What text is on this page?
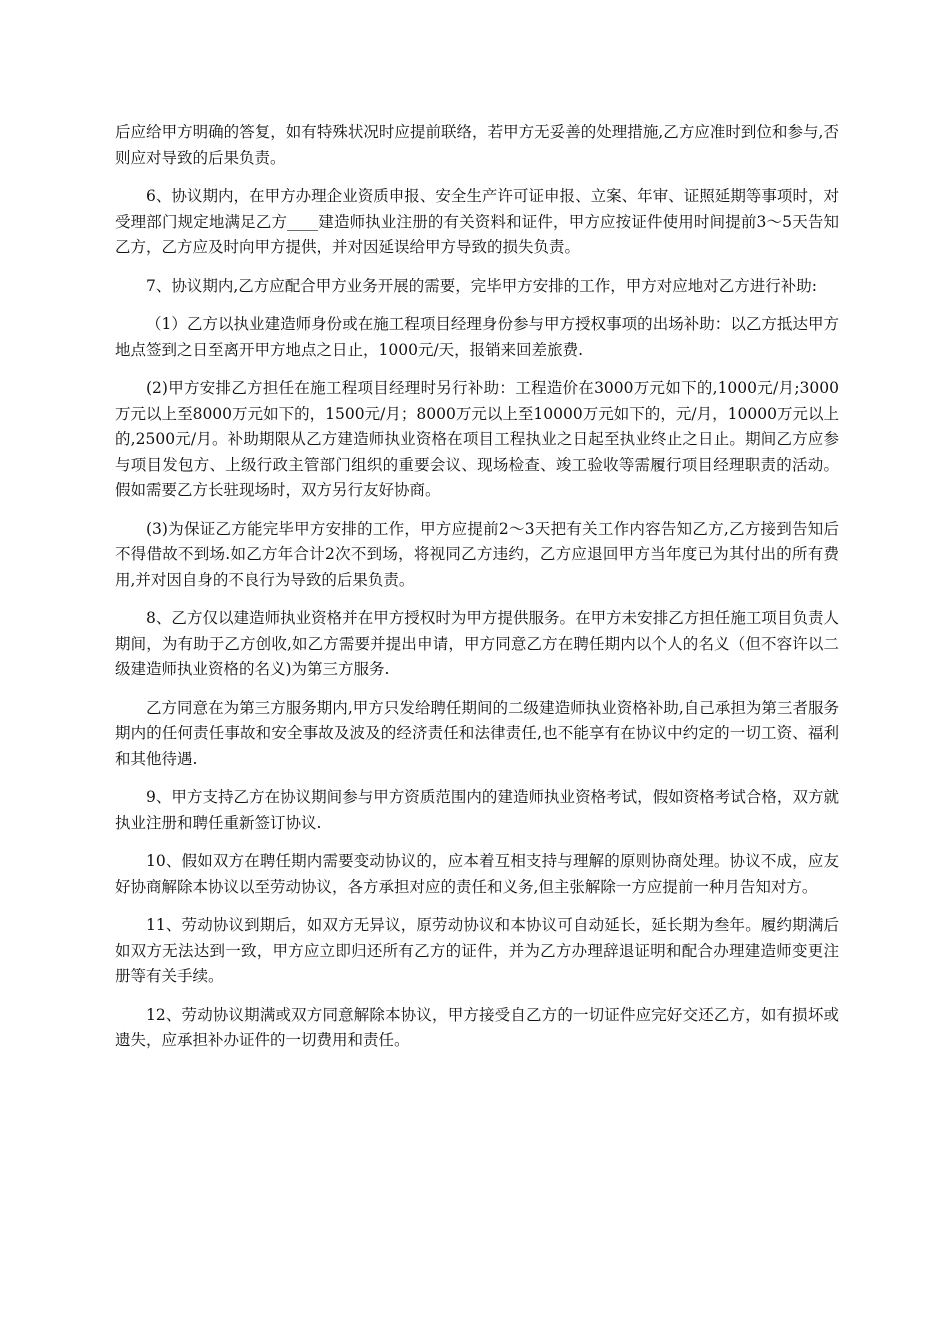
后应给甲方明确的答复，如有特殊状况时应提前联络，若甲方无妥善的处理措施,乙方应准时到位和参与,否则应对导致的后果负责。

6、协议期内，在甲方办理企业资质申报、安全生产许可证申报、立案、年审、证照延期等事项时，对受理部门规定地满足乙方____建造师执业注册的有关资料和证件，甲方应按证件使用时间提前3～5天告知乙方，乙方应及时向甲方提供，并对因延误给甲方导致的损失负责。

7、协议期内,乙方应配合甲方业务开展的需要，完毕甲方安排的工作，甲方对应地对乙方进行补助:

（1）乙方以执业建造师身份或在施工程项目经理身份参与甲方授权事项的出场补助：以乙方抵达甲方地点签到之日至离开甲方地点之日止，1000元/天，报销来回差旅费.

(2)甲方安排乙方担任在施工程项目经理时另行补助：工程造价在3000万元如下的,1000元/月;3000万元以上至8000万元如下的，1500元/月；8000万元以上至10000万元如下的，元/月，10000万元以上的,2500元/月。补助期限从乙方建造师执业资格在项目工程执业之日起至执业终止之日止。期间乙方应参与项目发包方、上级行政主管部门组织的重要会议、现场检查、竣工验收等需履行项目经理职责的活动。假如需要乙方长驻现场时，双方另行友好协商。

(3)为保证乙方能完毕甲方安排的工作，甲方应提前2～3天把有关工作内容告知乙方,乙方接到告知后不得借故不到场.如乙方年合计2次不到场，将视同乙方违约，乙方应退回甲方当年度已为其付出的所有费用,并对因自身的不良行为导致的后果负责。

8、乙方仅以建造师执业资格并在甲方授权时为甲方提供服务。在甲方未安排乙方担任施工项目负责人期间，为有助于乙方创收,如乙方需要并提出申请，甲方同意乙方在聘任期内以个人的名义（但不容许以二级建造师执业资格的名义)为第三方服务.

乙方同意在为第三方服务期内,甲方只发给聘任期间的二级建造师执业资格补助,自己承担为第三者服务期内的任何责任事故和安全事故及波及的经济责任和法律责任,也不能享有在协议中约定的一切工资、福利和其他待遇.

9、甲方支持乙方在协议期间参与甲方资质范围内的建造师执业资格考试，假如资格考试合格，双方就执业注册和聘任重新签订协议.

10、假如双方在聘任期内需要变动协议的，应本着互相支持与理解的原则协商处理。协议不成，应友好协商解除本协议以至劳动协议，各方承担对应的责任和义务,但主张解除一方应提前一种月告知对方。

11、劳动协议到期后，如双方无异议，原劳动协议和本协议可自动延长，延长期为叁年。履约期满后如双方无法达到一致，甲方应立即归还所有乙方的证件，并为乙方办理辞退证明和配合办理建造师变更注册等有关手续。

12、劳动协议期满或双方同意解除本协议，甲方接受自乙方的一切证件应完好交还乙方，如有损坏或遗失，应承担补办证件的一切费用和责任。
